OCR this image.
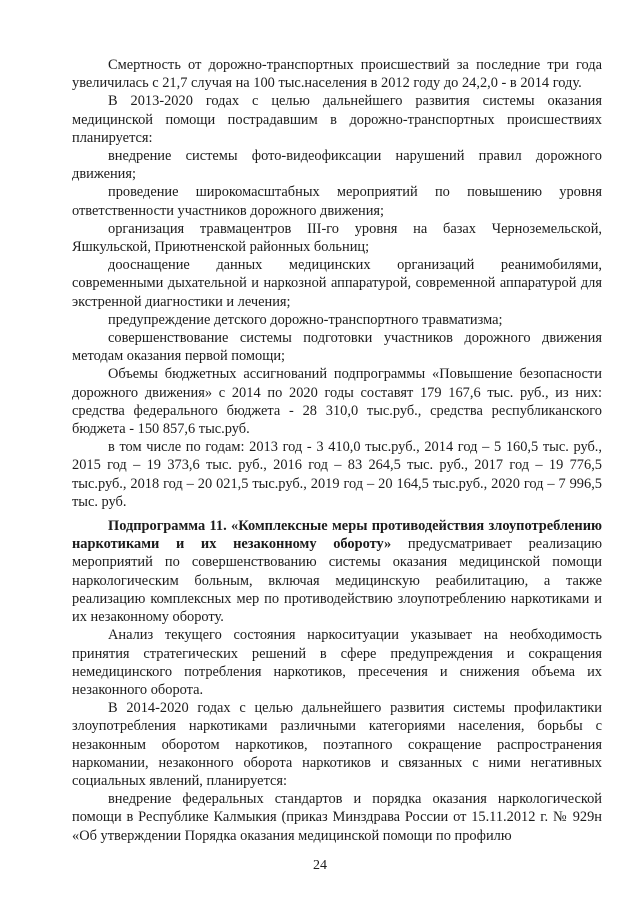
Смертность от дорожно-транспортных происшествий за последние три года увеличилась с 21,7 случая на 100 тыс.населения в 2012 году до 24,2,0 - в 2014 году.

В 2013-2020 годах с целью дальнейшего развития системы оказания медицинской помощи пострадавшим в дорожно-транспортных происшествиях планируется:

внедрение системы фото-видеофиксации нарушений правил дорожного движения;

проведение широкомасштабных мероприятий по повышению уровня ответственности участников дорожного движения;

организация травмацентров III-го уровня на базах Черноземельской, Яшкульской, Приютненской районных больниц;

дооснащение данных медицинских организаций реанимобилями, современными дыхательной и наркозной аппаратурой, современной аппаратурой для экстренной диагностики и лечения;

предупреждение детского дорожно-транспортного травматизма;

совершенствование системы подготовки участников дорожного движения методам оказания первой помощи;

Объемы бюджетных ассигнований подпрограммы «Повышение безопасности дорожного движения» с 2014 по 2020 годы составят 179 167,6 тыс. руб., из них: средства федерального бюджета - 28 310,0 тыс.руб., средства республиканского бюджета - 150 857,6 тыс.руб.

в том числе по годам: 2013 год - 3 410,0 тыс.руб., 2014 год – 5 160,5 тыс. руб., 2015 год – 19 373,6 тыс. руб., 2016 год – 83 264,5 тыс. руб., 2017 год – 19 776,5 тыс.руб., 2018 год – 20 021,5 тыс.руб., 2019 год – 20 164,5 тыс.руб., 2020 год – 7 996,5 тыс. руб.

Подпрограмма 11. «Комплексные меры противодействия злоупотреблению наркотиками и их незаконному обороту» предусматривает реализацию мероприятий по совершенствованию системы оказания медицинской помощи наркологическим больным, включая медицинскую реабилитацию, а также реализацию комплексных мер по противодействию злоупотреблению наркотиками и их незаконному обороту.

Анализ текущего состояния наркоситуации указывает на необходимость принятия стратегических решений в сфере предупреждения и сокращения немедицинского потребления наркотиков, пресечения и снижения объема их незаконного оборота.

В 2014-2020 годах с целью дальнейшего развития системы профилактики злоупотребления наркотиками различными категориями населения, борьбы с незаконным оборотом наркотиков, поэтапного сокращение распространения наркомании, незаконного оборота наркотиков и связанных с ними негативных социальных явлений, планируется:

внедрение федеральных стандартов и порядка оказания наркологической помощи в Республике Калмыкия (приказ Минздрава России от 15.11.2012 г. № 929н «Об утверждении Порядка оказания медицинской помощи по профилю

24
